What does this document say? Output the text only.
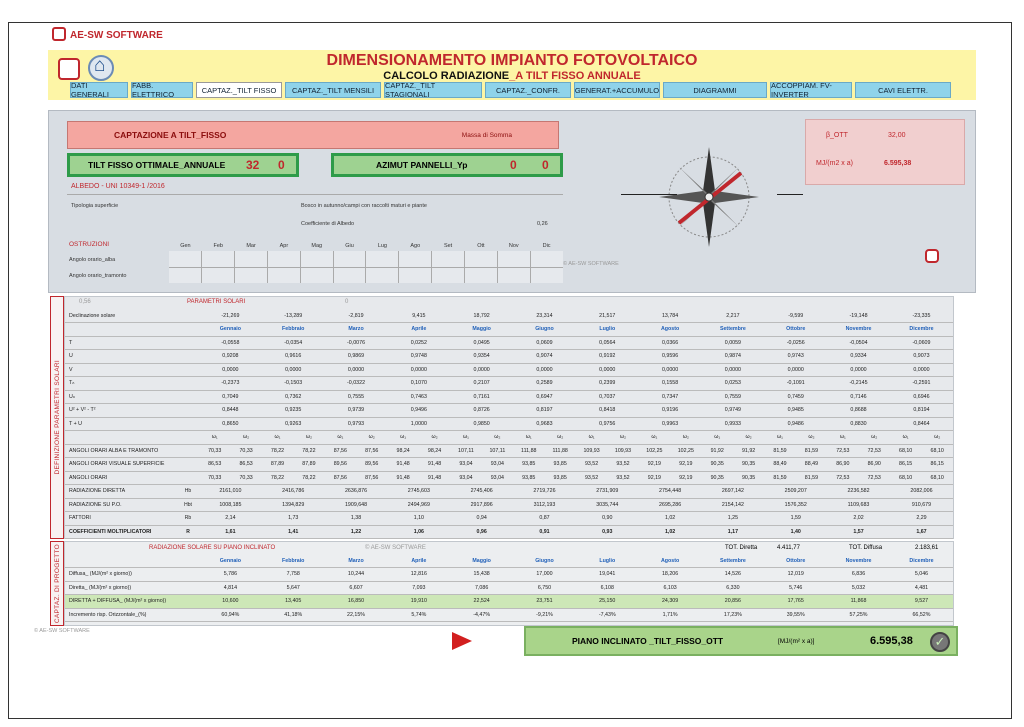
AE-SW SOFTWARE
⌂
DIMENSIONAMENTO IMPIANTO FOTOVOLTAICO
CALCOLO RADIAZIONE_A TILT FISSO ANNUALE
DATI GENERALI
FABB. ELETTRICO	CAPTAZ._TILT FISSO	CAPTAZ._TILT MENSILI	CAPTAZ._TILT STAGIONALI	CAPTAZ._CONFR.	GENERAT.+ACCUMULO	DIAGRAMMI	ACCOPPIAM. FV-INVERTER	CAVI ELETTR.
CAPTAZIONE A TILT_FISSO	Massa di Somma
TILT FISSO OTTIMALE_ANNUALE 32 0	AZIMUT PANNELLI_Yp	0 0
ALBEDO - UNI 10349-1 /2016
Tipologia superficie	Bosco in autunno/campi con raccolti maturi e piante
Coefficiente di Albedo	0,26
OSTRUZIONI	Gen	Feb	Mar	Apr	Mag	Giu	Lug	Ago	Set	Ott	Nov	Dic
Angolo orario_alba
Angolo orario_tramonto
© AE-SW SOFTWARE
β_OTT	32,00
MJ/(m2 x a)	6.595,38
DEFINIZIONE PARAMETRI SOLARI
0,56	PARAMETRI SOLARI	0
Declinazione solare		-21,269		-13,289		-2,819		9,415		18,792		23,314		21,517		13,784		2,217		-9,599		-19,148		-23,335	
		Gennaio		Febbraio		Marzo		Aprile		Maggio		Giugno		Luglio		Agosto		Settembre		Ottobre		Novembre		Dicembre	
T		-0,0558		-0,0354		-0,0076		0,0252		0,0495		0,0609		0,0564		0,0366		0,0059		-0,0256		-0,0504		-0,0609	
U		0,9208		0,9616		0,9869		0,9748		0,9354		0,9074		0,9192		0,9596		0,9874		0,9743		0,9334		0,9073	
V		0,0000		0,0000		0,0000		0,0000		0,0000		0,0000		0,0000		0,0000		0,0000		0,0000		0,0000		0,0000	
Tₙ		-0,2373		-0,1503		-0,0322		0,1070		0,2107		0,2589		0,2399		0,1558		0,0253		-0,1091		-0,2145		-0,2591	
Uₙ		0,7049		0,7362		0,7555		0,7463		0,7161		0,6947		0,7037		0,7347		0,7559		0,7459		0,7146		0,6946	
U² + V² - T²		0,8448		0,9235		0,9739		0,9496		0,8726		0,8197		0,8418		0,9196		0,9749		0,9485		0,8688		0,8194	
T + U		0,8650		0,9263		0,9793		1,0000		0,9850		0,9683		0,9756		0,9963		0,9933		0,9486		0,8830		0,8464	
		ω₁	ω₂	ω₁	ω₂	ω₁	ω₂	ω₁	ω₂	ω₁	ω₂	ω₁	ω₂	ω₁	ω₂	ω₁	ω₂	ω₁	ω₂	ω₁	ω₂	ω₁	ω₂	ω₁	ω₂
ANGOLI ORARI ALBA E TRAMONTO		70,33	70,33	78,22	78,22	87,56	87,56	98,24	98,24	107,11	107,11	111,88	111,88	109,93	109,93	102,25	102,25	91,92	91,92	81,59	81,59	72,53	72,53	68,10	68,10
ANGOLI ORARI VISUALE SUPERFICIE		86,53	86,53	87,89	87,89	89,56	89,56	91,48	91,48	93,04	93,04	93,85	93,85	93,52	93,52	92,19	92,19	90,35	90,35	88,49	88,49	86,90	86,90	86,15	86,15
ANGOLI ORARI		70,33	70,33	78,22	78,22	87,56	87,56	91,48	91,48	93,04	93,04	93,85	93,85	93,52	93,52	92,19	92,19	90,35	90,35	81,59	81,59	72,53	72,53	68,10	68,10
RADIAZIONE DIRETTA	Hb	2161,010		2416,786		2636,876		2745,603		2745,406		2719,726		2731,909		2754,448		2697,142		2509,207		2236,582		2082,006	
RADIAZIONE SU P.O.	Hbt	1008,185		1394,829		1909,648		2494,969		2917,896		3112,193		3035,744		2695,286		2154,142		1576,352		1109,683		910,679	
FATTORI	Rb	2,14		1,73		1,38		1,10		0,94		0,87		0,90		1,02		1,25		1,59		2,02		2,29	
COEFFICIENTI MOLTIPLICATORI	R	1,61		1,41		1,22		1,06		0,96		0,91		0,93		1,02		1,17		1,40		1,57		1,67	
CAPTAZ. DI PROGETTO	RADIAZIONE SOLARE SU PIANO INCLINATO	© AE-SW SOFTWARE	TOT. Diretta	4.411,77	TOT. Diffusa	2.183,61
		Gennaio	Febbraio	Marzo	Aprile	Maggio	Giugno	Luglio	Agosto	Settembre	Ottobre	Novembre	Dicembre
Diffusa_ (MJ/(m² x giorno))		5,786	7,758	10,244	12,816	15,438	17,000	19,041	18,206	14,526	12,019	6,836	5,046
Diretta_ (MJ/(m² x giorno))		4,814	5,647	6,607	7,093	7,086	6,750	6,108	6,103	6,330	5,746	5,032	4,481
DIRETTA + DIFFUSA_ (MJ/(m² x giorno))		10,600	13,405	16,850	19,910	22,524	23,751	25,150	24,309	20,856	17,765	11,868	9,527
Incremento risp. Orizzontale_(%)		60,94%	41,18%	22,15%	5,74%	-4,47%	-9,21%	-7,43%	1,71%	17,23%	39,55%	57,25%	66,52%
© AE-SW SOFTWARE
PIANO INCLINATO _TILT_FISSO_OTT	[MJ/(m² x a)]	6.595,38	✓
